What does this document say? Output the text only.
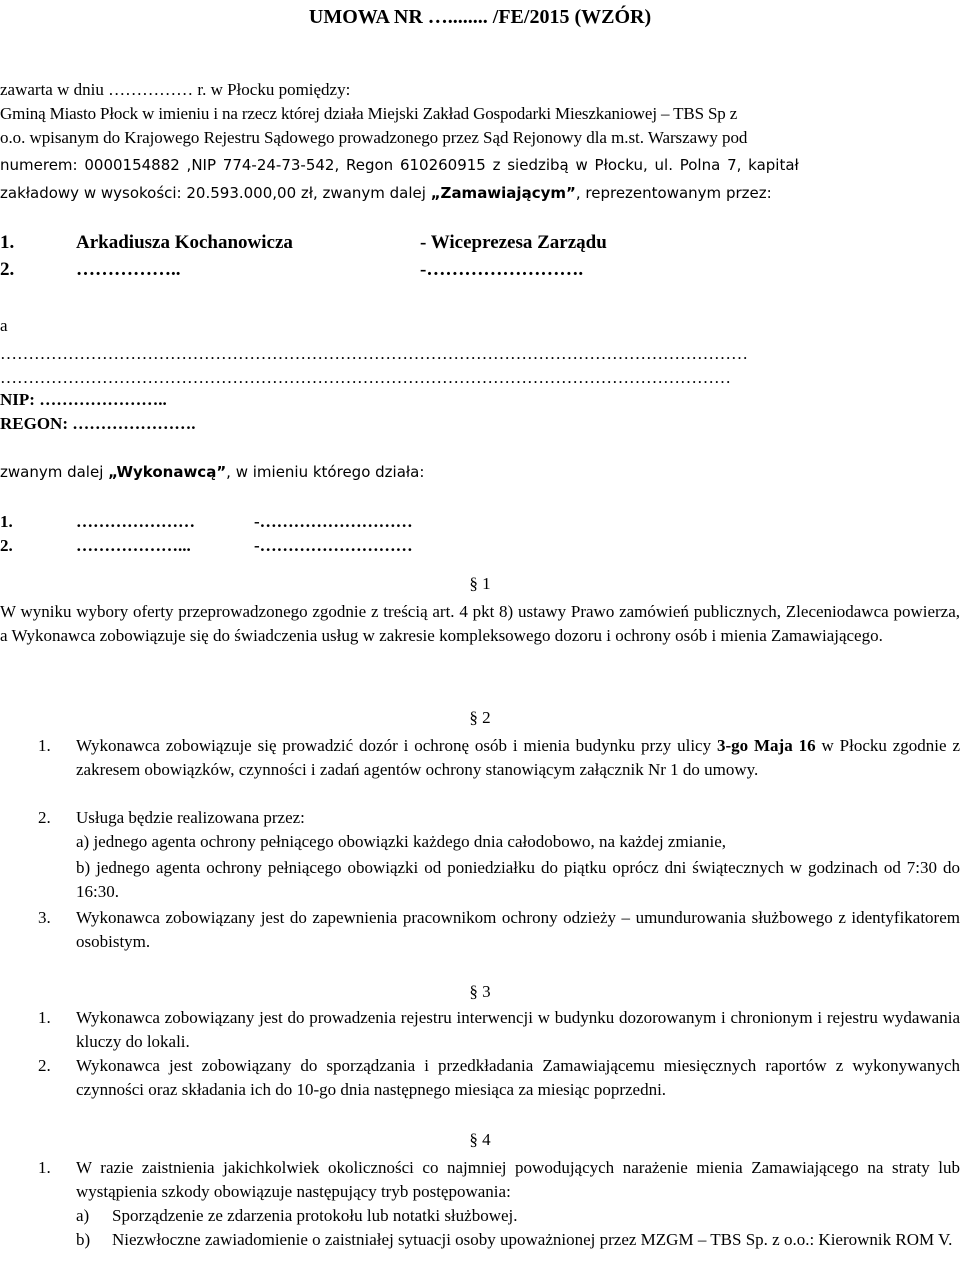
UMOWA NR …........ /FE/2015 (WZÓR)
zawarta w dniu …………… r. w Płocku pomiędzy:
Gminą Miasto Płock w imieniu i na rzecz której działa Miejski Zakład Gospodarki Mieszkaniowej – TBS Sp z
o.o. wpisanym do Krajowego Rejestru Sądowego prowadzonego przez Sąd Rejonowy dla m.st. Warszawy pod
numerem: 0000154882 ,NIP 774-24-73-542, Regon 610260915 z siedzibą w Płocku, ul. Polna 7, kapitał
zakładowy w wysokości: 20.593.000,00 zł, zwanym dalej „Zamawiającym”, reprezentowanym przez:
1.	Arkadiusza Kochanowicza	- Wiceprezesa Zarządu
2.	……………..	-…………………….
a
……………………………………………………………………………………………………………………
…………………………………………………………………………………………………………………
NIP: …………………..
REGON: ………………….
zwanym dalej „Wykonawcą”, w imieniu którego działa:
1.	…………………	-………………………
2.	………………...	-………………………
§ 1
W wyniku wybory oferty przeprowadzonego zgodnie z treścią art. 4 pkt 8) ustawy Prawo zamówień publicznych, Zleceniodawca powierza, a Wykonawca zobowiązuje się do świadczenia usług w zakresie kompleksowego dozoru i ochrony osób i mienia Zamawiającego.
§ 2
1. Wykonawca zobowiązuje się prowadzić dozór i ochronę osób i mienia budynku przy ulicy 3-go Maja 16 w Płocku zgodnie z zakresem obowiązków, czynności i zadań agentów ochrony stanowiącym załącznik Nr 1 do umowy.
2. Usługa będzie realizowana przez:
a) jednego agenta ochrony pełniącego obowiązki każdego dnia całodobowo, na każdej zmianie,
b) jednego agenta ochrony pełniącego obowiązki od poniedziałku do piątku oprócz dni świątecznych w godzinach od 7:30 do 16:30.
3. Wykonawca zobowiązany jest do zapewnienia pracownikom ochrony odzieży – umundurowania służbowego z identyfikatorem osobistym.
§ 3
1. Wykonawca zobowiązany jest do prowadzenia rejestru interwencji w budynku dozorowanym i chronionym i rejestru wydawania kluczy do lokali.
2. Wykonawca jest zobowiązany do sporządzania i przedkładania Zamawiającemu miesięcznych raportów z wykonywanych czynności oraz składania ich do 10-go dnia następnego miesiąca za miesiąc poprzedni.
§ 4
1. W razie zaistnienia jakichkolwiek okoliczności co najmniej powodujących narażenie mienia Zamawiającego na straty lub wystąpienia szkody obowiązuje następujący tryb postępowania:
a) Sporządzenie ze zdarzenia protokołu lub notatki służbowej.
b) Niezwłoczne zawiadomienie o zaistniałej sytuacji osoby upoważnionej przez MZGM – TBS Sp. z o.o.: Kierownik ROM V.
